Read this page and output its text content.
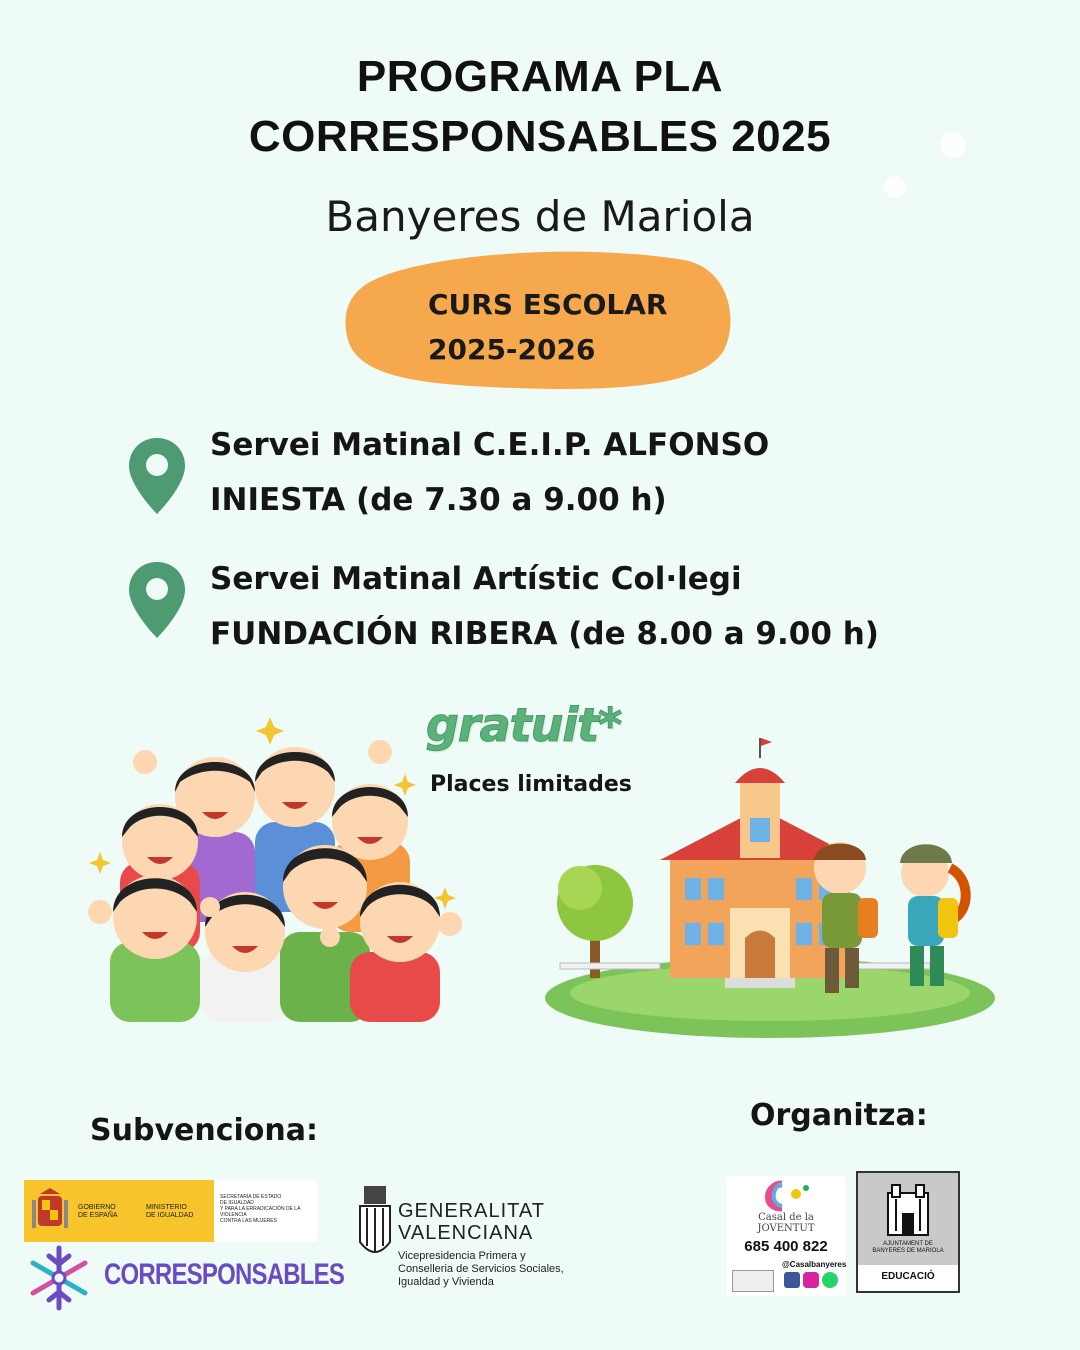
PROGRAMA PLA
CORRESPONSABLES 2025
Banyeres de Mariola
CURS ESCOLAR
2025-2026
Servei Matinal C.E.I.P. ALFONSO
INIESTA (de 7.30 a 9.00 h)
Servei Matinal Artístic Col·legi
FUNDACIÓN RIBERA (de 8.00 a 9.00 h)
gratuit*
Places limitades
Subvenciona:
GOBIERNO
DE ESPAÑA
MINISTERIO
DE IGUALDAD
SECRETARÍA DE ESTADO
DE IGUALDAD
Y PARA LA ERRADICACIÓN DE LA VIOLENCIA
CONTRA LAS MUJERES
CORRESPONSABLES
GENERALITAT
VALENCIANA
Vicepresidencia Primera y
Conselleria de Servicios Sociales,
Igualdad y Vivienda
Organitza:
Casal de la
JOVENTUT
685 400 822
@Casalbanyeres
AJUNTAMENT DE
BANYERES DE MARIOLA
EDUCACIÓ
